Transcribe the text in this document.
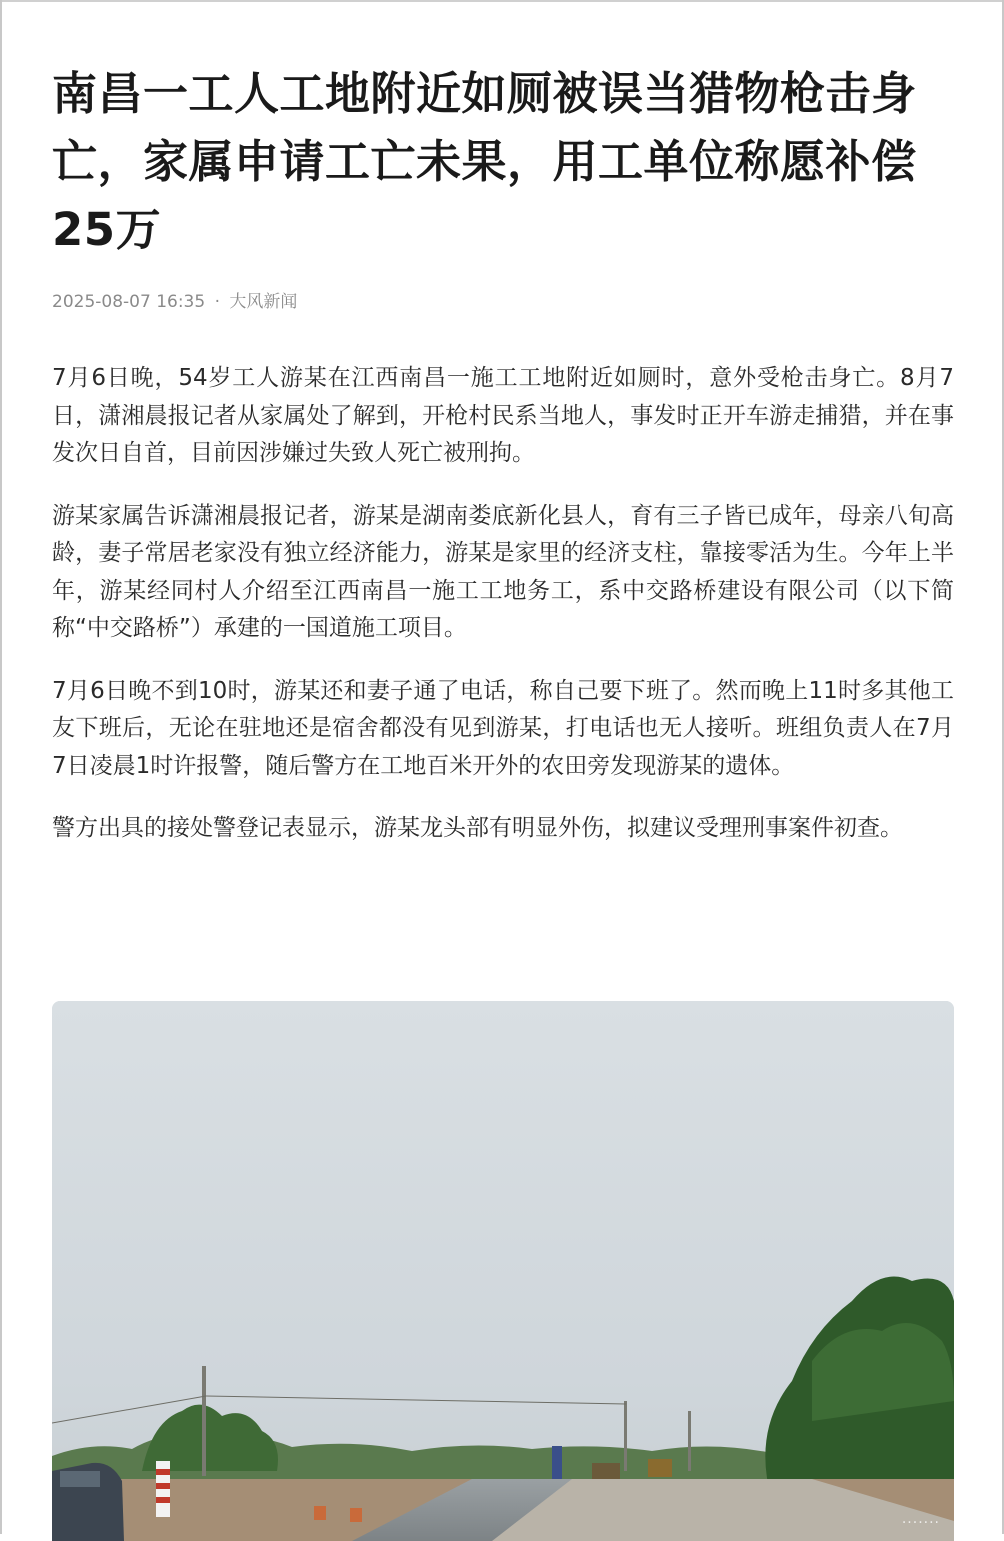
南昌一工人工地附近如厕被误当猎物枪击身亡，家属申请工亡未果，用工单位称愿补偿25万
2025-08-07 16:35 · 大风新闻

7月6日晚，54岁工人游某在江西南昌一施工工地附近如厕时，意外受枪击身亡。8月7日，潇湘晨报记者从家属处了解到，开枪村民系当地人，事发时正开车游走捕猎，并在事发次日自首，目前因涉嫌过失致人死亡被刑拘。

游某家属告诉潇湘晨报记者，游某是湖南娄底新化县人，育有三子皆已成年，母亲八旬高龄，妻子常居老家没有独立经济能力，游某是家里的经济支柱，靠接零活为生。今年上半年，游某经同村人介绍至江西南昌一施工工地务工，系中交路桥建设有限公司（以下简称“中交路桥”）承建的一国道施工项目。

7月6日晚不到10时，游某还和妻子通了电话，称自己要下班了。然而晚上11时多其他工友下班后，无论在驻地还是宿舍都没有见到游某，打电话也无人接听。班组负责人在7月7日凌晨1时许报警，随后警方在工地百米开外的农田旁发现游某的遗体。

警方出具的接处警登记表显示，游某龙头部有明显外伤，拟建议受理刑事案件初查。

·······
